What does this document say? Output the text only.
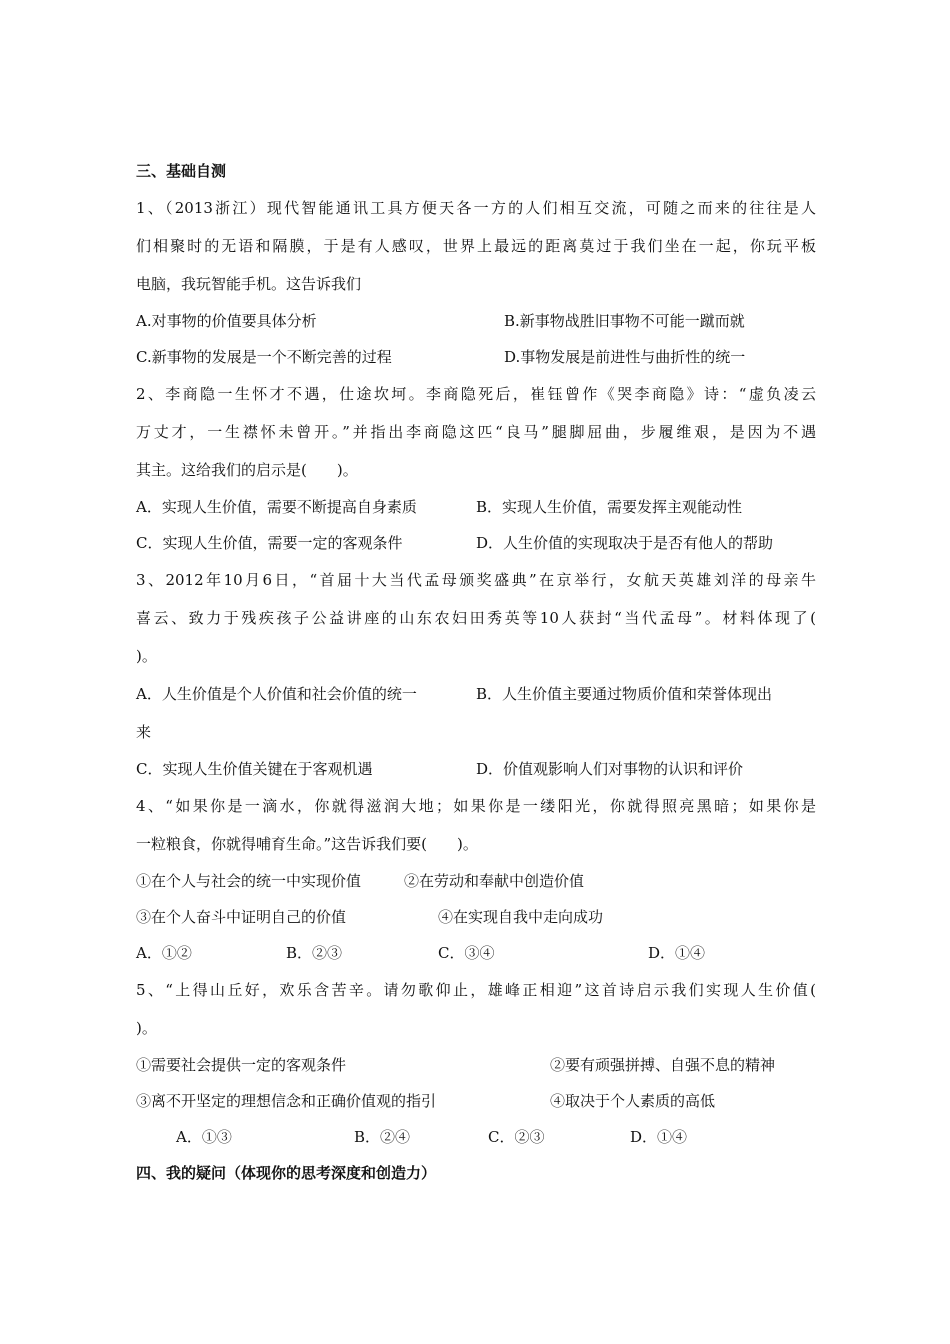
三、基础自测
1、（2013浙江）现代智能通讯工具方便天各一方的人们相互交流，可随之而来的往往是人
们相聚时的无语和隔膜，于是有人感叹，世界上最远的距离莫过于我们坐在一起，你玩平板
电脑，我玩智能手机。这告诉我们
A.对事物的价值要具体分析	B.新事物战胜旧事物不可能一蹴而就
C.新事物的发展是一个不断完善的过程	D.事物发展是前进性与曲折性的统一
2、李商隐一生怀才不遇，仕途坎坷。李商隐死后，崔钰曾作《哭李商隐》诗：“虚负凌云
万丈才，一生襟怀未曾开。”并指出李商隐这匹“良马”腿脚屈曲，步履维艰，是因为不遇
其主。这给我们的启示是(　　)。
A．实现人生价值，需要不断提高自身素质	B．实现人生价值，需要发挥主观能动性
C．实现人生价值，需要一定的客观条件	D．人生价值的实现取决于是否有他人的帮助
3、2012年10月6日，“首届十大当代孟母颁奖盛典”在京举行，女航天英雄刘洋的母亲牛
喜云、致力于残疾孩子公益讲座的山东农妇田秀英等10人获封“当代孟母”。材料体现了(
)。
A．人生价值是个人价值和社会价值的统一	B．人生价值主要通过物质价值和荣誉体现出
来
C．实现人生价值关键在于客观机遇	D．价值观影响人们对事物的认识和评价
4、“如果你是一滴水，你就得滋润大地；如果你是一缕阳光，你就得照亮黑暗；如果你是
一粒粮食，你就得哺育生命。”这告诉我们要(　　)。
①在个人与社会的统一中实现价值	②在劳动和奉献中创造价值
③在个人奋斗中证明自己的价值	④在实现自我中走向成功
A．①②	B．②③	C．③④	D．①④
5、“上得山丘好，欢乐含苦辛。请勿歌仰止，雄峰正相迎”这首诗启示我们实现人生价值(
)。
①需要社会提供一定的客观条件	②要有顽强拼搏、自强不息的精神
③离不开坚定的理想信念和正确价值观的指引	④取决于个人素质的高低
A．①③	B．②④	C．②③	D．①④
四、我的疑问（体现你的思考深度和创造力）
